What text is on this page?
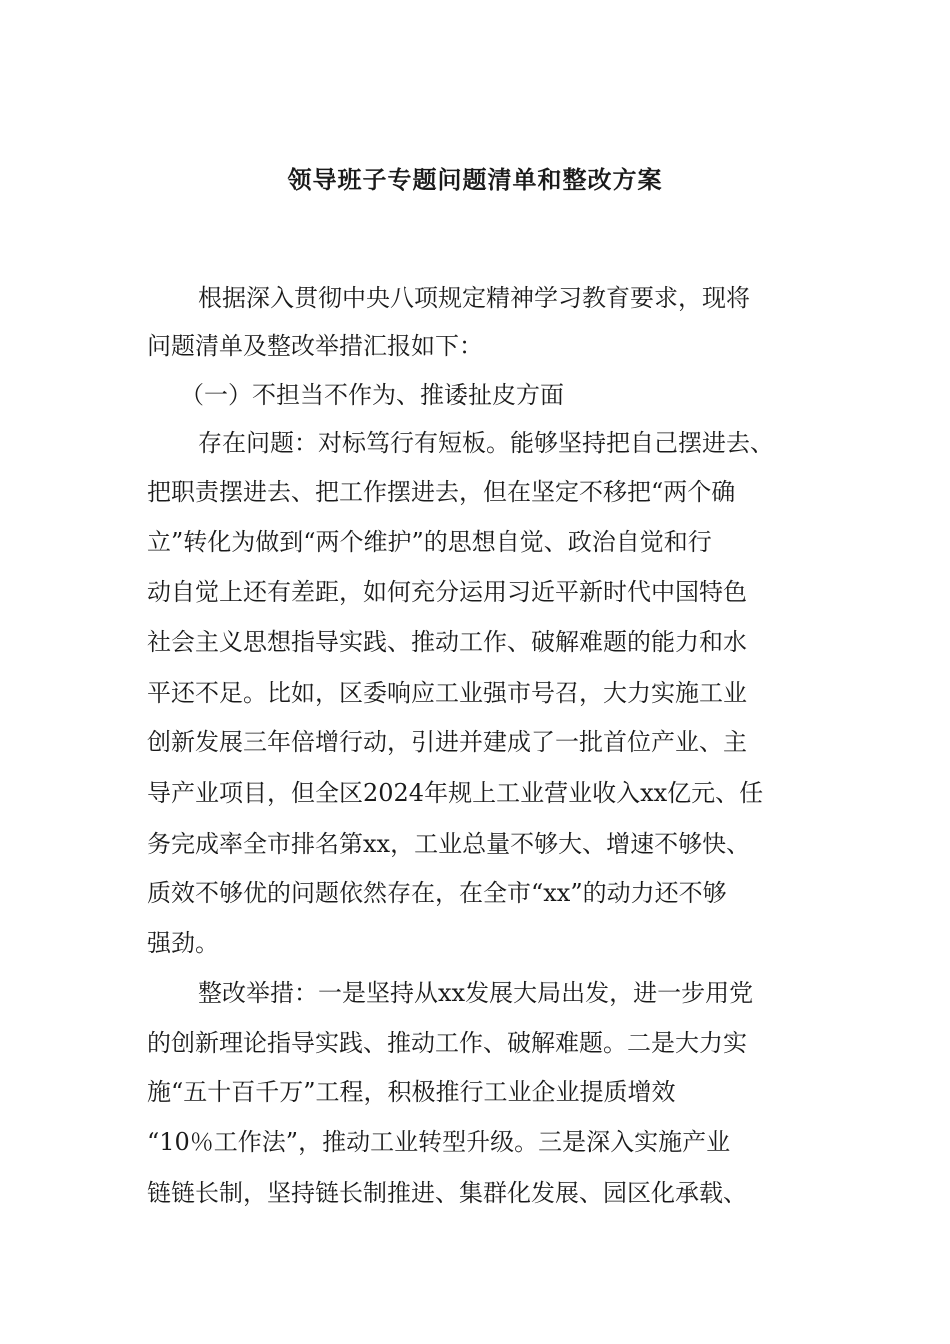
领导班子专题问题清单和整改方案
根据深入贯彻中央八项规定精神学习教育要求，现将
问题清单及整改举措汇报如下：
（一）不担当不作为、推诿扯皮方面
存在问题：对标笃行有短板。能够坚持把自己摆进去、
把职责摆进去、把工作摆进去，但在坚定不移把“两个确
立”转化为做到“两个维护”的思想自觉、政治自觉和行
动自觉上还有差距，如何充分运用习近平新时代中国特色
社会主义思想指导实践、推动工作、破解难题的能力和水
平还不足。比如，区委响应工业强市号召，大力实施工业
创新发展三年倍增行动，引进并建成了一批首位产业、主
导产业项目，但全区2024年规上工业营业收入xx亿元、任
务完成率全市排名第xx，工业总量不够大、增速不够快、
质效不够优的问题依然存在，在全市“xx”的动力还不够
强劲。
整改举措：一是坚持从xx发展大局出发，进一步用党
的创新理论指导实践、推动工作、破解难题。二是大力实
施“五十百千万”工程，积极推行工业企业提质增效
“10％工作法”，推动工业转型升级。三是深入实施产业
链链长制，坚持链长制推进、集群化发展、园区化承载、
